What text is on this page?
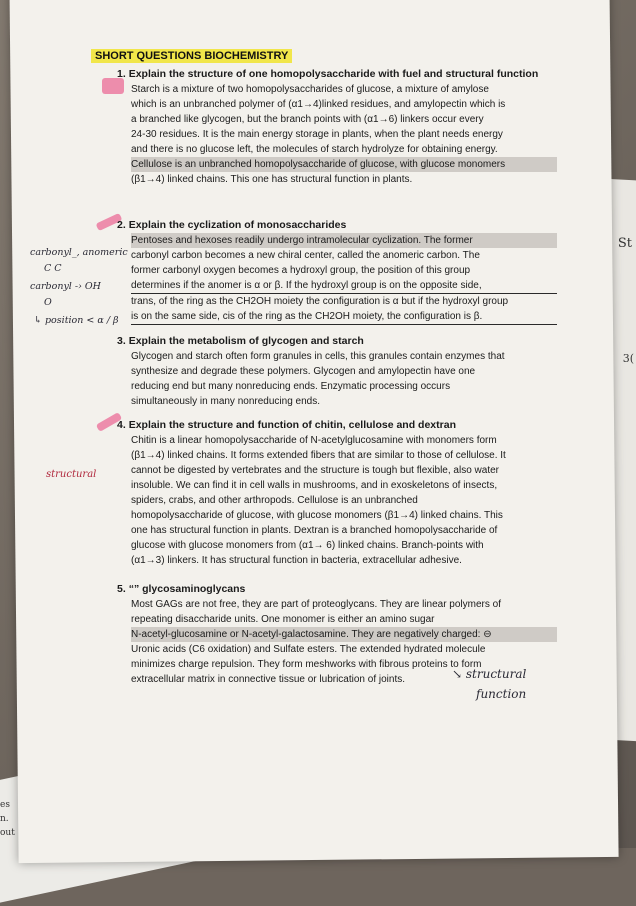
St
3(
es
n.
out
SHORT QUESTIONS BIOCHEMISTRY
1. Explain the structure of one homopolysaccharide with fuel and structural function
Starch is a mixture of two homopolysaccharides of glucose, a mixture of amylose
which is an unbranched polymer of (α1→4)linked residues, and amylopectin which is
a branched like glycogen, but the branch points with (α1→6) linkers occur every
24-30 residues. It is the main energy storage in plants, when the plant needs energy
and there is no glucose left, the molecules of starch hydrolyze for obtaining energy.
Cellulose is an unbranched homopolysaccharide of glucose, with glucose monomers
(β1→4) linked chains. This one has structural function in plants.
2. Explain the cyclization of monosaccharides
Pentoses and hexoses readily undergo intramolecular cyclization. The former
carbonyl carbon becomes a new chiral center, called the anomeric carbon. The
former carbonyl oxygen becomes a hydroxyl group, the position of this group
determines if the anomer is α or β. If the hydroxyl group is on the opposite side,
trans, of the ring as the CH2OH moiety the configuration is α but if the hydroxyl group
is on the same side, cis of the ring as the CH2OH moiety, the configuration is β.
carbonyl_, anomeric
C C
carbonyl -› OH
O
↳ position < α / β
3. Explain the metabolism of glycogen and starch
Glycogen and starch often form granules in cells, this granules contain enzymes that
synthesize and degrade these polymers. Glycogen and amylopectin have one
reducing end but many nonreducing ends. Enzymatic processing occurs
simultaneously in many nonreducing ends.
4. Explain the structure and function of chitin, cellulose and dextran
Chitin is a linear homopolysaccharide of N-acetylglucosamine with monomers form
(β1→4) linked chains. It forms extended fibers that are similar to those of cellulose. It
cannot be digested by vertebrates and the structure is tough but flexible, also water
insoluble. We can find it in cell walls in mushrooms, and in exoskeletons of insects,
spiders, crabs, and other arthropods. Cellulose is an unbranched
homopolysaccharide of glucose, with glucose monomers (β1→4) linked chains. This
one has structural function in plants. Dextran is a branched homopolysaccharide of
glucose with glucose monomers from (α1→ 6) linked chains. Branch-points with
(α1→3) linkers. It has structural function in bacteria, extracellular adhesive.
structural
5. “” glycosaminoglycans
Most GAGs are not free, they are part of proteoglycans. They are linear polymers of
repeating disaccharide units. One monomer is either an amino sugar
N-acetyl-glucosamine or N-acetyl-galactosamine. They are negatively charged: ⊖
Uronic acids (C6 oxidation) and Sulfate esters. The extended hydrated molecule
minimizes charge repulsion. They form meshworks with fibrous proteins to form
extracellular matrix in connective tissue or lubrication of joints.	↘ structural
function
